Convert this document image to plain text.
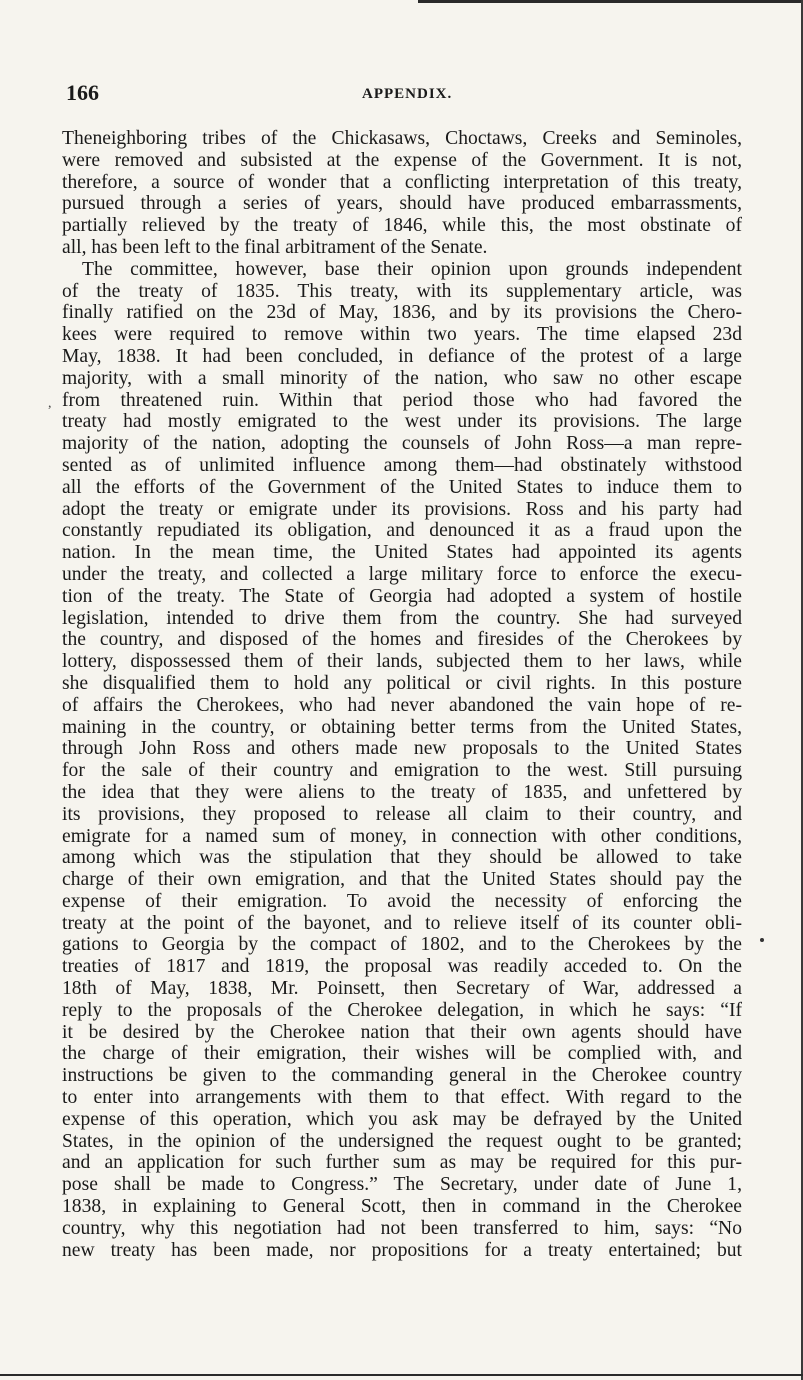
166	APPENDIX.
Theneighboring tribes of the Chickasaws, Choctaws, Creeks and Seminoles,
were removed and subsisted at the expense of the Government. It is not,
therefore, a source of wonder that a conflicting interpretation of this treaty,
pursued through a series of years, should have produced embarrassments,
partially relieved by the treaty of 1846, while this, the most obstinate of
all, has been left to the final arbitrament of the Senate.
The committee, however, base their opinion upon grounds independent
of the treaty of 1835. This treaty, with its supplementary article, was
finally ratified on the 23d of May, 1836, and by its provisions the Chero-
kees were required to remove within two years. The time elapsed 23d
May, 1838. It had been concluded, in defiance of the protest of a large
majority, with a small minority of the nation, who saw no other escape
from threatened ruin. Within that period those who had favored the
treaty had mostly emigrated to the west under its provisions. The large
majority of the nation, adopting the counsels of John Ross—a man repre-
sented as of unlimited influence among them—had obstinately withstood
all the efforts of the Government of the United States to induce them to
adopt the treaty or emigrate under its provisions. Ross and his party had
constantly repudiated its obligation, and denounced it as a fraud upon the
nation. In the mean time, the United States had appointed its agents
under the treaty, and collected a large military force to enforce the execu-
tion of the treaty. The State of Georgia had adopted a system of hostile
legislation, intended to drive them from the country. She had surveyed
the country, and disposed of the homes and firesides of the Cherokees by
lottery, dispossessed them of their lands, subjected them to her laws, while
she disqualified them to hold any political or civil rights. In this posture
of affairs the Cherokees, who had never abandoned the vain hope of re-
maining in the country, or obtaining better terms from the United States,
through John Ross and others made new proposals to the United States
for the sale of their country and emigration to the west. Still pursuing
the idea that they were aliens to the treaty of 1835, and unfettered by
its provisions, they proposed to release all claim to their country, and
emigrate for a named sum of money, in connection with other conditions,
among which was the stipulation that they should be allowed to take
charge of their own emigration, and that the United States should pay the
expense of their emigration. To avoid the necessity of enforcing the
treaty at the point of the bayonet, and to relieve itself of its counter obli-
gations to Georgia by the compact of 1802, and to the Cherokees by the
treaties of 1817 and 1819, the proposal was readily acceded to. On the
18th of May, 1838, Mr. Poinsett, then Secretary of War, addressed a
reply to the proposals of the Cherokee delegation, in which he says: “If
it be desired by the Cherokee nation that their own agents should have
the charge of their emigration, their wishes will be complied with, and
instructions be given to the commanding general in the Cherokee country
to enter into arrangements with them to that effect. With regard to the
expense of this operation, which you ask may be defrayed by the United
States, in the opinion of the undersigned the request ought to be granted;
and an application for such further sum as may be required for this pur-
pose shall be made to Congress.” The Secretary, under date of June 1,
1838, in explaining to General Scott, then in command in the Cherokee
country, why this negotiation had not been transferred to him, says: “No
new treaty has been made, nor propositions for a treaty entertained; but
,
